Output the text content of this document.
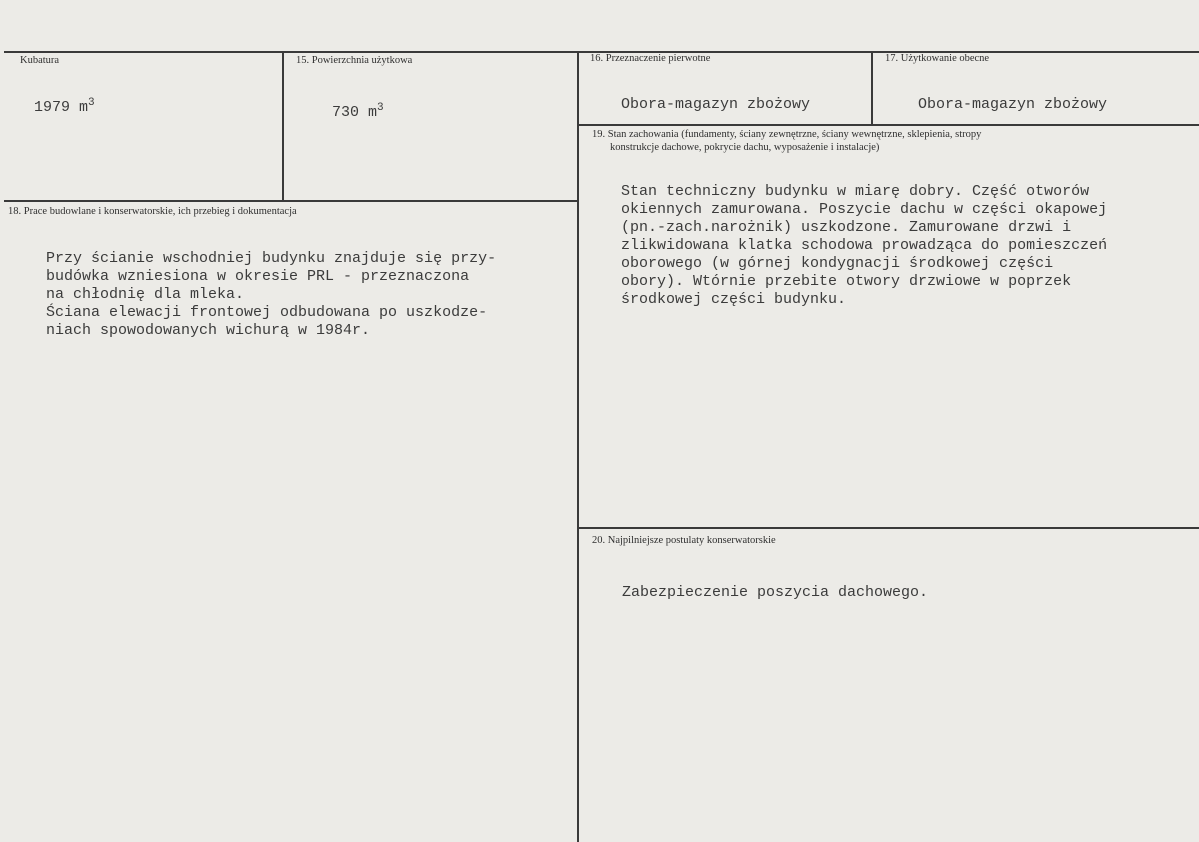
Kubatura
1979 $m^3$
15. Powierzchnia użytkowa
730 $m^3$
16. Przeznaczenie pierwotne
Obora-magazyn zbożowy
17. Użytkowanie obecne
Obora-magazyn zbożowy
18. Prace budowlane i konserwatorskie, ich przebieg i dokumentacja
Przy ścianie wschodniej budynku znajduje się przy-
budówka wzniesiona w okresie PRL - przeznaczona
na chłodnię dla mleka.
Ściana elewacji frontowej odbudowana po uszkodze-
niach spowodowanych wichurą w 1984r.
19. Stan zachowania (fundamenty, ściany zewnętrzne, ściany wewnętrzne, sklepienia, stropy
konstrukcje dachowe, pokrycie dachu, wyposażenie i instalacje)
Stan techniczny budynku w miarę dobry. Część otworów
okiennych zamurowana. Poszycie dachu w części okapowej
(pn.-zach.narożnik) uszkodzone. Zamurowane drzwi i
zlikwidowana klatka schodowa prowadząca do pomieszczeń
oborowego (w górnej kondygnacji środkowej części
obory). Wtórnie przebite otwory drzwiowe w poprzek
środkowej części budynku.
20. Najpilniejsze postulaty konserwatorskie
Zabezpieczenie poszycia dachowego.
